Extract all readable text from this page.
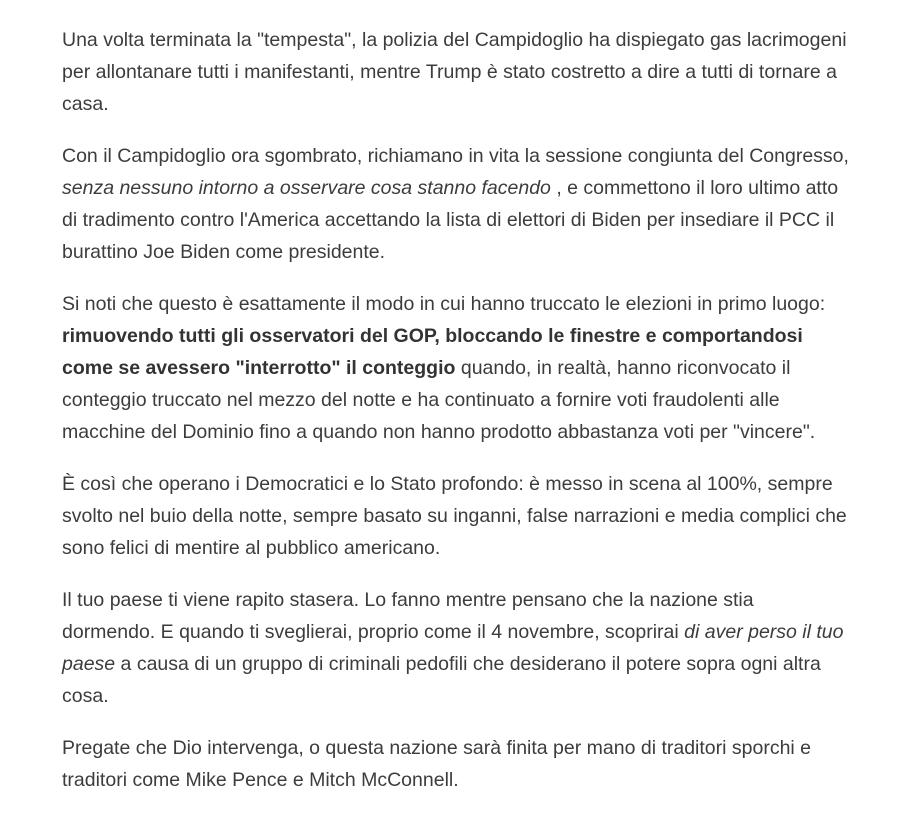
Una volta terminata la "tempesta", la polizia del Campidoglio ha dispiegato gas lacrimogeni per allontanare tutti i manifestanti, mentre Trump è stato costretto a dire a tutti di tornare a casa.

Con il Campidoglio ora sgombrato, richiamano in vita la sessione congiunta del Congresso, senza nessuno intorno a osservare cosa stanno facendo , e commettono il loro ultimo atto di tradimento contro l'America accettando la lista di elettori di Biden per insediare il PCC il burattino Joe Biden come presidente.

Si noti che questo è esattamente il modo in cui hanno truccato le elezioni in primo luogo: rimuovendo tutti gli osservatori del GOP, bloccando le finestre e comportandosi come se avessero "interrotto" il conteggio quando, in realtà, hanno riconvocato il conteggio truccato nel mezzo del notte e ha continuato a fornire voti fraudolenti alle macchine del Dominio fino a quando non hanno prodotto abbastanza voti per "vincere".

È così che operano i Democratici e lo Stato profondo: è messo in scena al 100%, sempre svolto nel buio della notte, sempre basato su inganni, false narrazioni e media complici che sono felici di mentire al pubblico americano.

Il tuo paese ti viene rapito stasera. Lo fanno mentre pensano che la nazione stia dormendo. E quando ti sveglierai, proprio come il 4 novembre, scoprirai di aver perso il tuo paese a causa di un gruppo di criminali pedofili che desiderano il potere sopra ogni altra cosa.

Pregate che Dio intervenga, o questa nazione sarà finita per mano di traditori sporchi e traditori come Mike Pence e Mitch McConnell.
